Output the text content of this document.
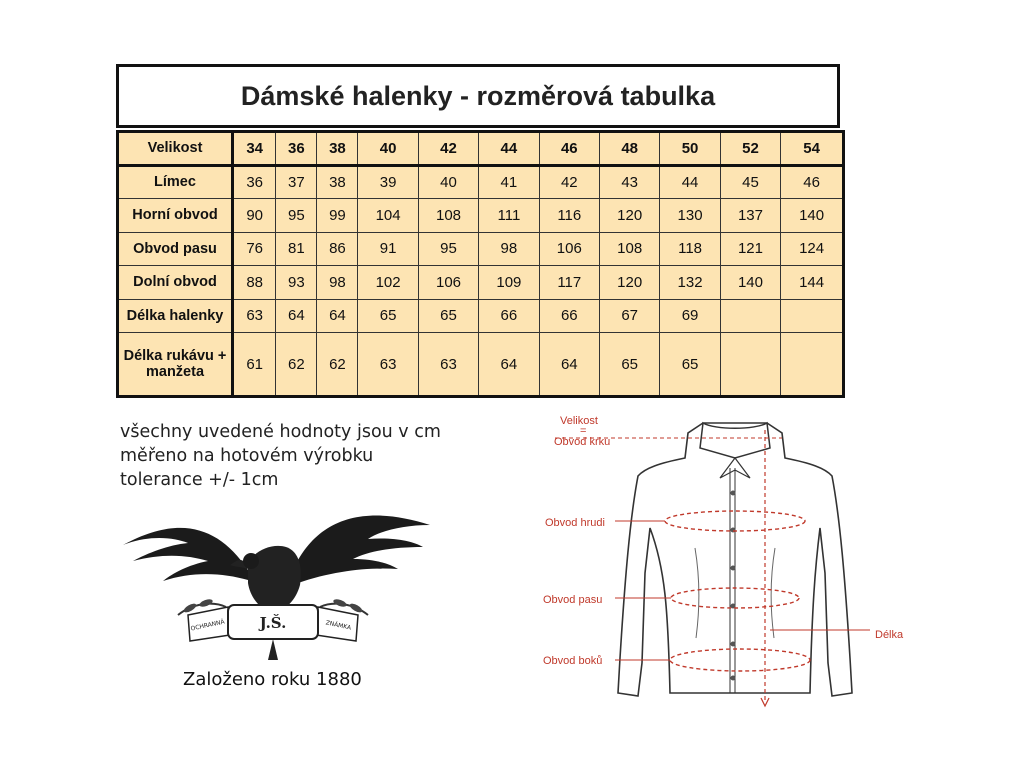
Dámské halenky - rozměrová tabulka
Velikost	34	36	38	40	42	44	46	48	50	52	54
Límec	36	37	38	39	40	41	42	43	44	45	46
Horní obvod	90	95	99	104	108	111	116	120	130	137	140
Obvod pasu	76	81	86	91	95	98	106	108	118	121	124
Dolní obvod	88	93	98	102	106	109	117	120	132	140	144
Délka halenky	63	64	64	65	65	66	66	67	69		

Délka rukávu +
manžeta	61	62	62	63	63	64	64	65	65		
všechny uvedené hodnoty jsou v cm
měřeno na hotovém výrobku
tolerance +/- 1cm
J.Š.
OCHRANNÁ	ZNÁMKA
Založeno roku 1880
Velikost
=
Obvod krku
Obvod hrudi
Obvod pasu
Obvod boků
Délka
